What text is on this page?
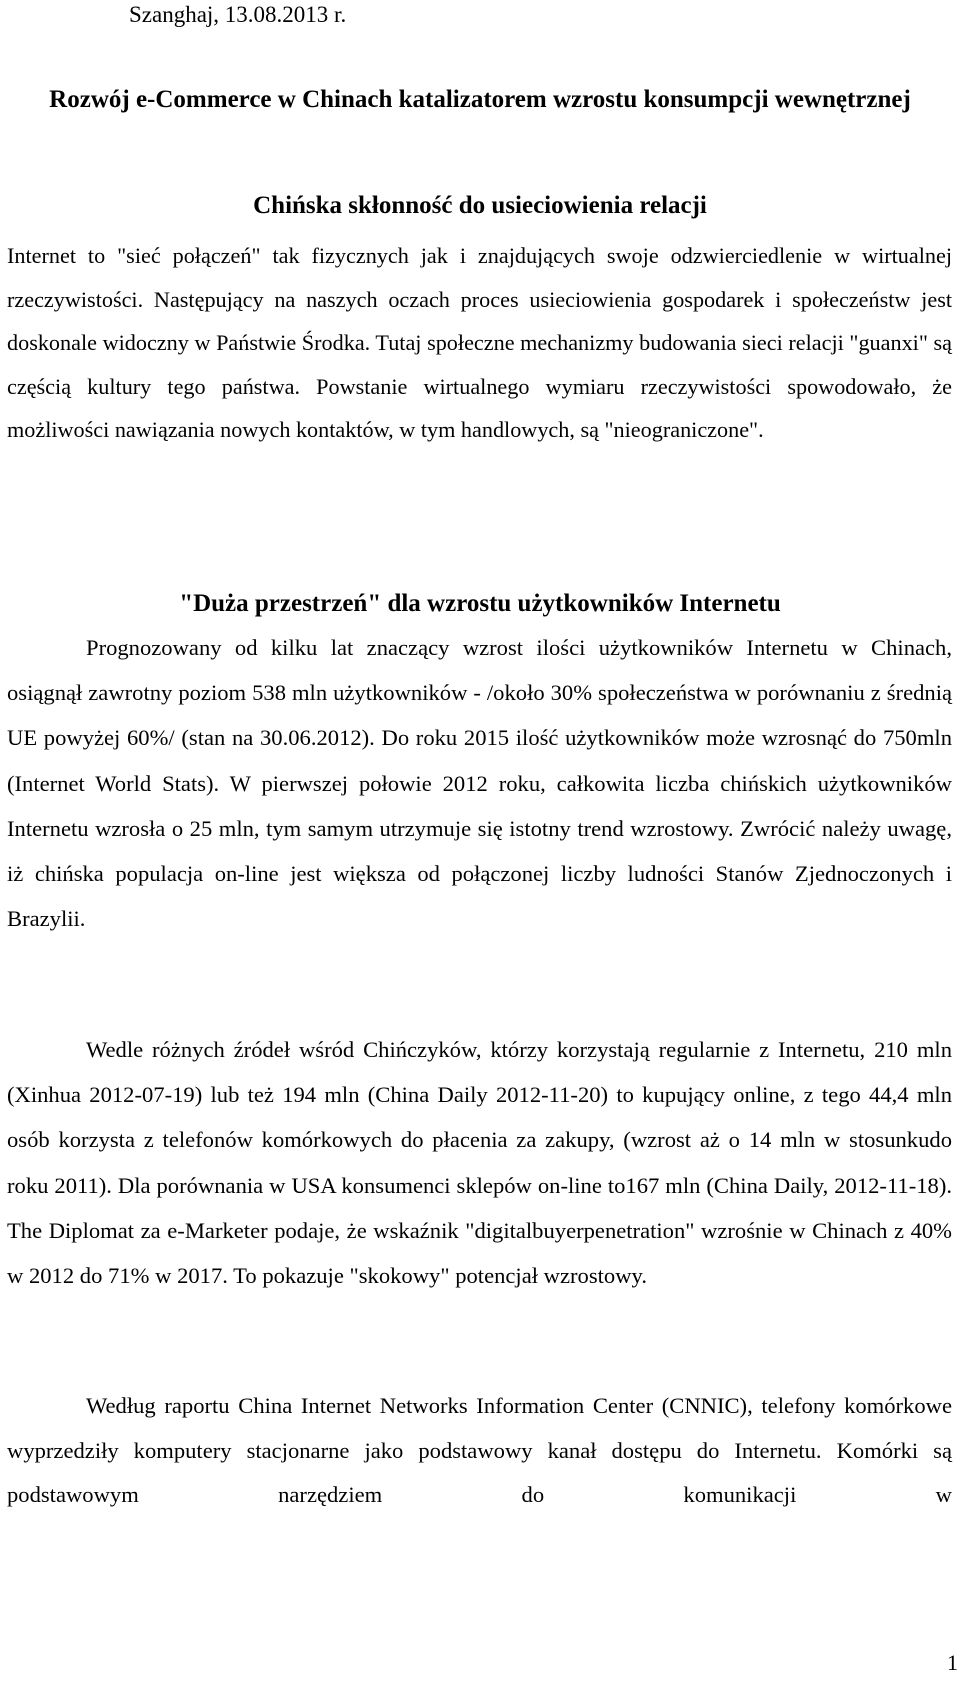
Szanghaj, 13.08.2013 r.
Rozwój e-Commerce w Chinach katalizatorem wzrostu konsumpcji wewnętrznej
Chińska skłonność do usieciowienia relacji

Internet to "sieć połączeń" tak fizycznych jak i znajdujących swoje odzwierciedlenie w wirtualnej rzeczywistości. Następujący na naszych oczach proces usieciowienia gospodarek i społeczeństw jest doskonale widoczny w Państwie Środka. Tutaj społeczne mechanizmy budowania sieci relacji "guanxi" są częścią kultury tego państwa. Powstanie wirtualnego wymiaru rzeczywistości spowodowało, że możliwości nawiązania nowych kontaktów, w tym handlowych, są "nieograniczone".

"Duża przestrzeń" dla wzrostu użytkowników Internetu

Prognozowany od kilku lat znaczący wzrost ilości użytkowników Internetu w Chinach, osiągnął zawrotny poziom 538 mln użytkowników - /około 30% społeczeństwa w porównaniu z średnią UE powyżej 60%/ (stan na 30.06.2012). Do roku 2015 ilość użytkowników może wzrosnąć do 750mln (Internet World Stats). W pierwszej połowie 2012 roku, całkowita liczba chińskich użytkowników Internetu wzrosła o 25 mln, tym samym utrzymuje się istotny trend wzrostowy. Zwrócić należy uwagę, iż chińska populacja on-line jest większa od połączonej liczby ludności Stanów Zjednoczonych i Brazylii.

Wedle różnych źródeł wśród Chińczyków, którzy korzystają regularnie z Internetu, 210 mln (Xinhua 2012-07-19) lub też 194 mln (China Daily 2012-11-20) to kupujący online, z tego 44,4 mln osób korzysta z telefonów komórkowych do płacenia za zakupy, (wzrost aż o 14 mln w stosunkudo roku 2011). Dla porównania w USA konsumenci sklepów on-line to167 mln (China Daily, 2012-11-18). The Diplomat za e-Marketer podaje, że wskaźnik "digitalbuyerpenetration" wzrośnie w Chinach z 40% w 2012 do 71% w 2017. To pokazuje "skokowy" potencjał wzrostowy.

Według raportu China Internet Networks Information Center (CNNIC), telefony komórkowe wyprzedziły komputery stacjonarne jako podstawowy kanał dostępu do Internetu. Komórki są podstawowym narzędziem do komunikacji w

1
